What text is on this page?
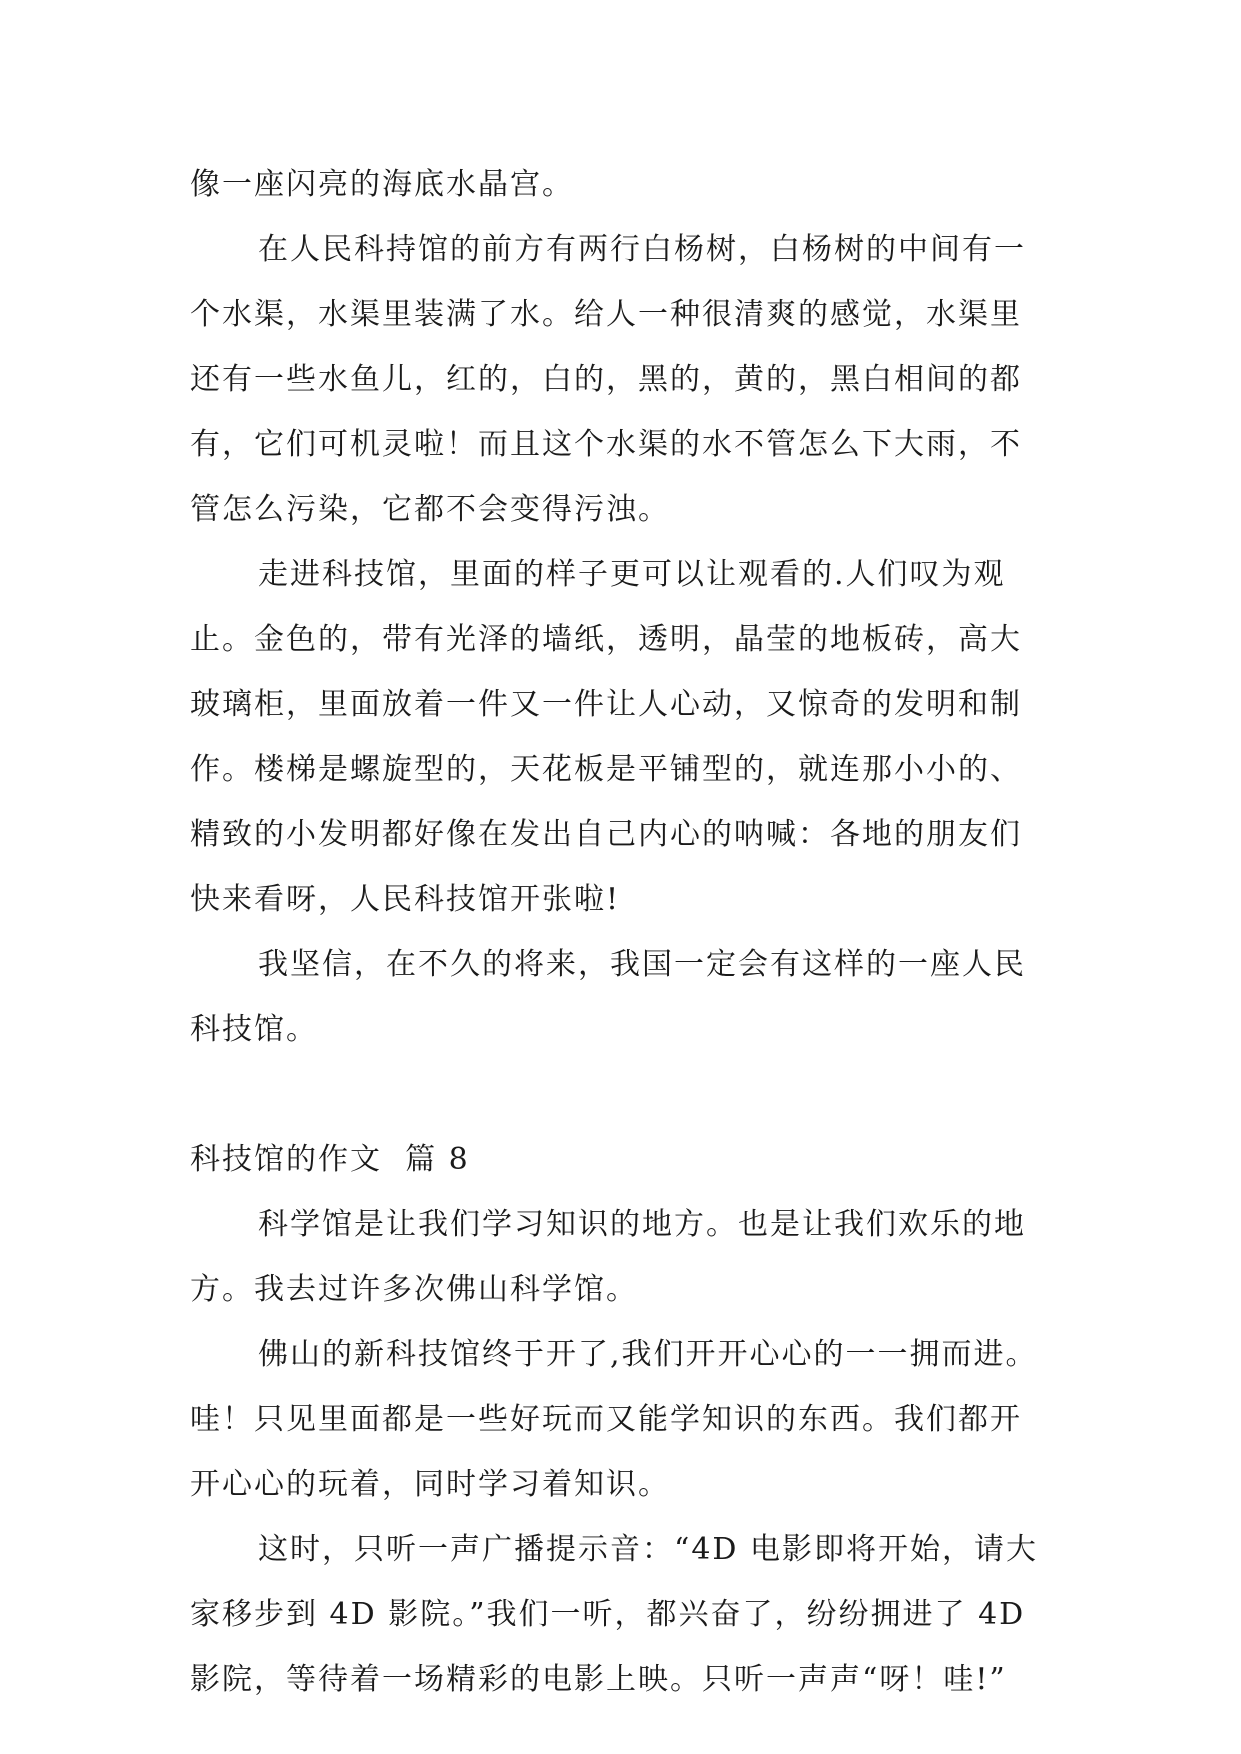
像一座闪亮的海底水晶宫。
在人民科持馆的前方有两行白杨树，白杨树的中间有一
个水渠，水渠里装满了水。给人一种很清爽的感觉，水渠里
还有一些水鱼儿，红的，白的，黑的，黄的，黑白相间的都
有，它们可机灵啦！而且这个水渠的水不管怎么下大雨，不
管怎么污染，它都不会变得污浊。
走进科技馆，里面的样子更可以让观看的.人们叹为观
止。金色的，带有光泽的墙纸，透明，晶莹的地板砖，高大
玻璃柜，里面放着一件又一件让人心动，又惊奇的发明和制
作。楼梯是螺旋型的，天花板是平铺型的，就连那小小的、
精致的小发明都好像在发出自己内心的呐喊：各地的朋友们
快来看呀，人民科技馆开张啦!
我坚信，在不久的将来，我国一定会有这样的一座人民
科技馆。
科技馆的作文  篇 8
科学馆是让我们学习知识的地方。也是让我们欢乐的地
方。我去过许多次佛山科学馆。
佛山的新科技馆终于开了,我们开开心心的一一拥而进。
哇！只见里面都是一些好玩而又能学知识的东西。我们都开
开心心的玩着，同时学习着知识。
这时，只听一声广播提示音：“4D 电影即将开始，请大
家移步到 4D 影院。”我们一听，都兴奋了，纷纷拥进了 4D
影院，等待着一场精彩的电影上映。只听一声声“呀！哇!”
